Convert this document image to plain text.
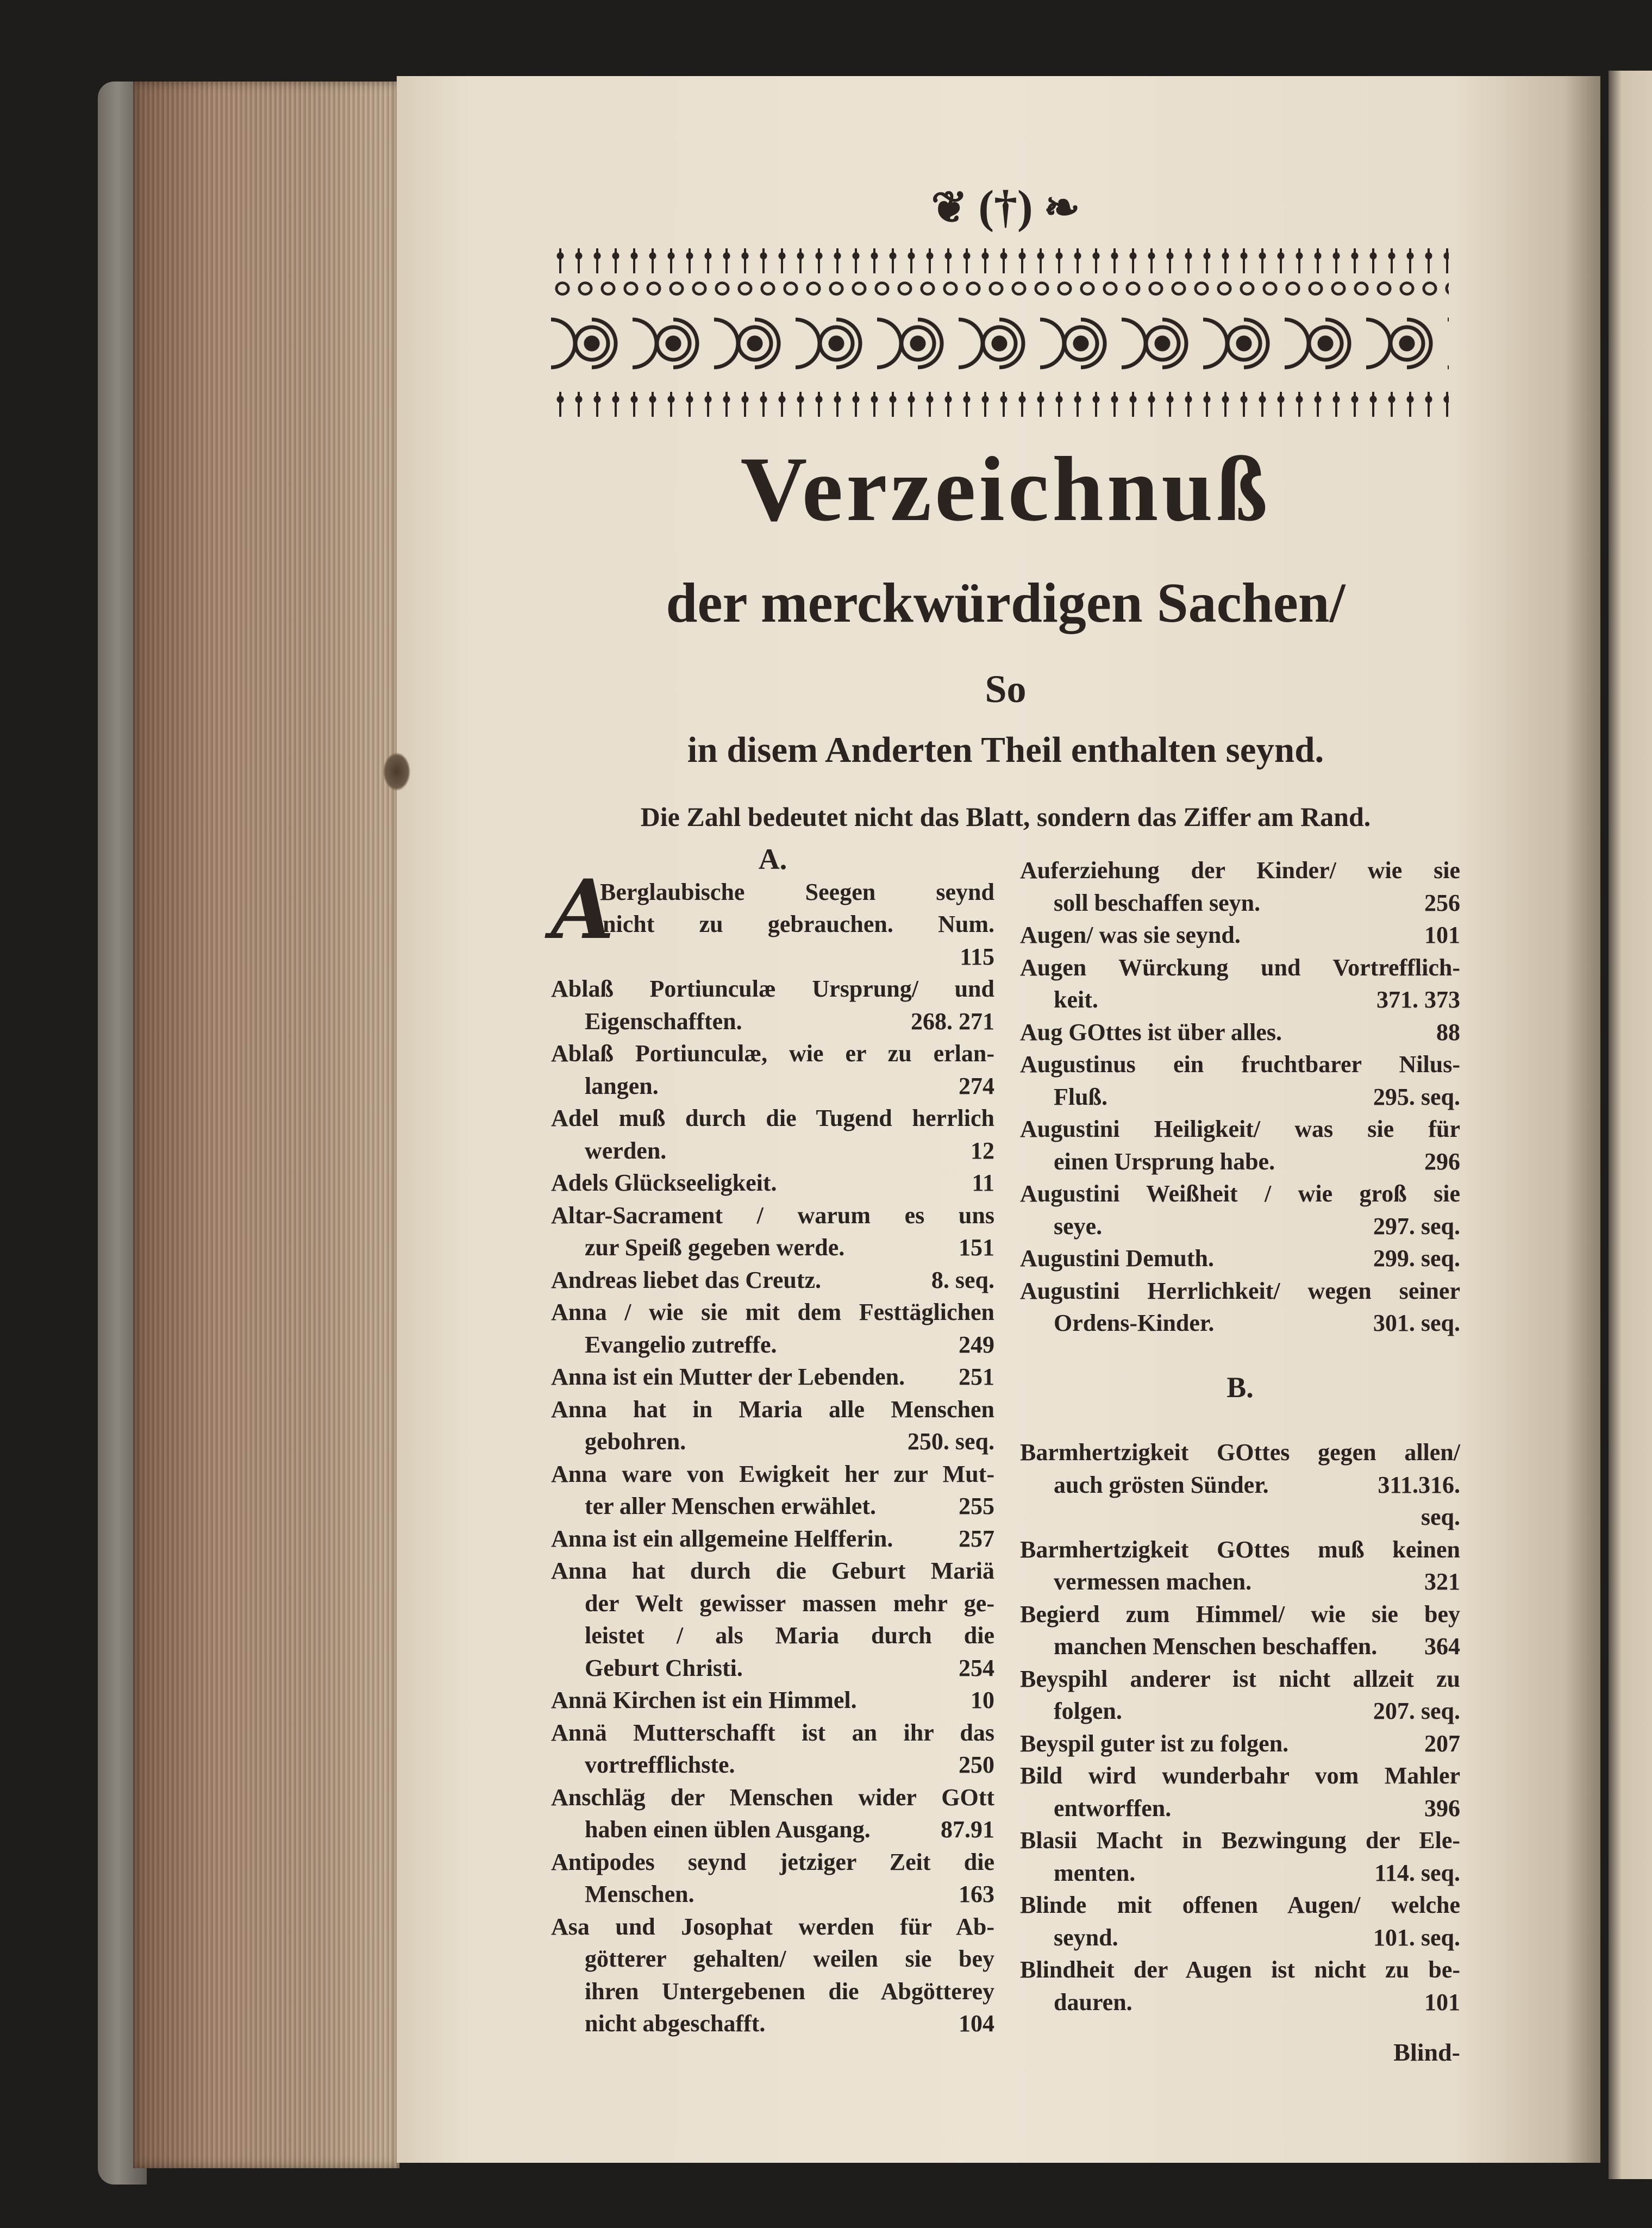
❦(†)❧
Verzeichnuß
der merckwürdigen Sachen/
So
in disem Anderten Theil enthalten seynd.
Die Zahl bedeutet nicht das Blatt, sondern das Ziffer am Rand.
A.
A
Berglaubische Seegen seynd
nicht zu gebrauchen. Num.
115
Ablaß Portiunculæ Ursprung/ und
268. 271
Eigenschafften.
Ablaß Portiunculæ, wie er zu erlan-
274
langen.
Adel muß durch die Tugend herrlich
12
werden.
11
Adels Glückseeligkeit.
Altar-Sacrament / warum es uns
151
zur Speiß gegeben werde.
8. seq.
Andreas liebet das Creutz.
Anna / wie sie mit dem Festtäglichen
249
Evangelio zutreffe.
251
Anna ist ein Mutter der Lebenden.
Anna hat in Maria alle Menschen
250. seq.
gebohren.
Anna ware von Ewigkeit her zur Mut-
255
ter aller Menschen erwählet.
257
Anna ist ein allgemeine Helfferin.
Anna hat durch die Geburt Mariä
der Welt gewisser massen mehr ge-
leistet / als Maria durch die
254
Geburt Christi.
10
Annä Kirchen ist ein Himmel.
Annä Mutterschafft ist an ihr das
250
vortrefflichste.
Anschläg der Menschen wider GOtt
87.91
haben einen üblen Ausgang.
Antipodes seynd jetziger Zeit die
163
Menschen.
Asa und Josophat werden für Ab-
götterer gehalten/ weilen sie bey
ihren Untergebenen die Abgötterey
104
nicht abgeschafft.
Auferziehung der Kinder/ wie sie
256
soll beschaffen seyn.
101
Augen/ was sie seynd.
Augen Würckung und Vortrefflich-
371. 373
keit.
88
Aug GOttes ist über alles.
Augustinus ein fruchtbarer Nilus-
295. seq.
Fluß.
Augustini Heiligkeit/ was sie für
296
einen Ursprung habe.
Augustini Weißheit / wie groß sie
297. seq.
seye.
299. seq.
Augustini Demuth.
Augustini Herrlichkeit/ wegen seiner
301. seq.
Ordens-Kinder.
B.
Barmhertzigkeit GOttes gegen allen/
311.316.
auch grösten Sünder.
seq.
Barmhertzigkeit GOttes muß keinen
321
vermessen machen.
Begierd zum Himmel/ wie sie bey
364
manchen Menschen beschaffen.
Beyspihl anderer ist nicht allzeit zu
207. seq.
folgen.
207
Beyspil guter ist zu folgen.
Bild wird wunderbahr vom Mahler
396
entworffen.
Blasii Macht in Bezwingung der Ele-
114. seq.
menten.
Blinde mit offenen Augen/ welche
101. seq.
seynd.
Blindheit der Augen ist nicht zu be-
101
dauren.
Blind-
